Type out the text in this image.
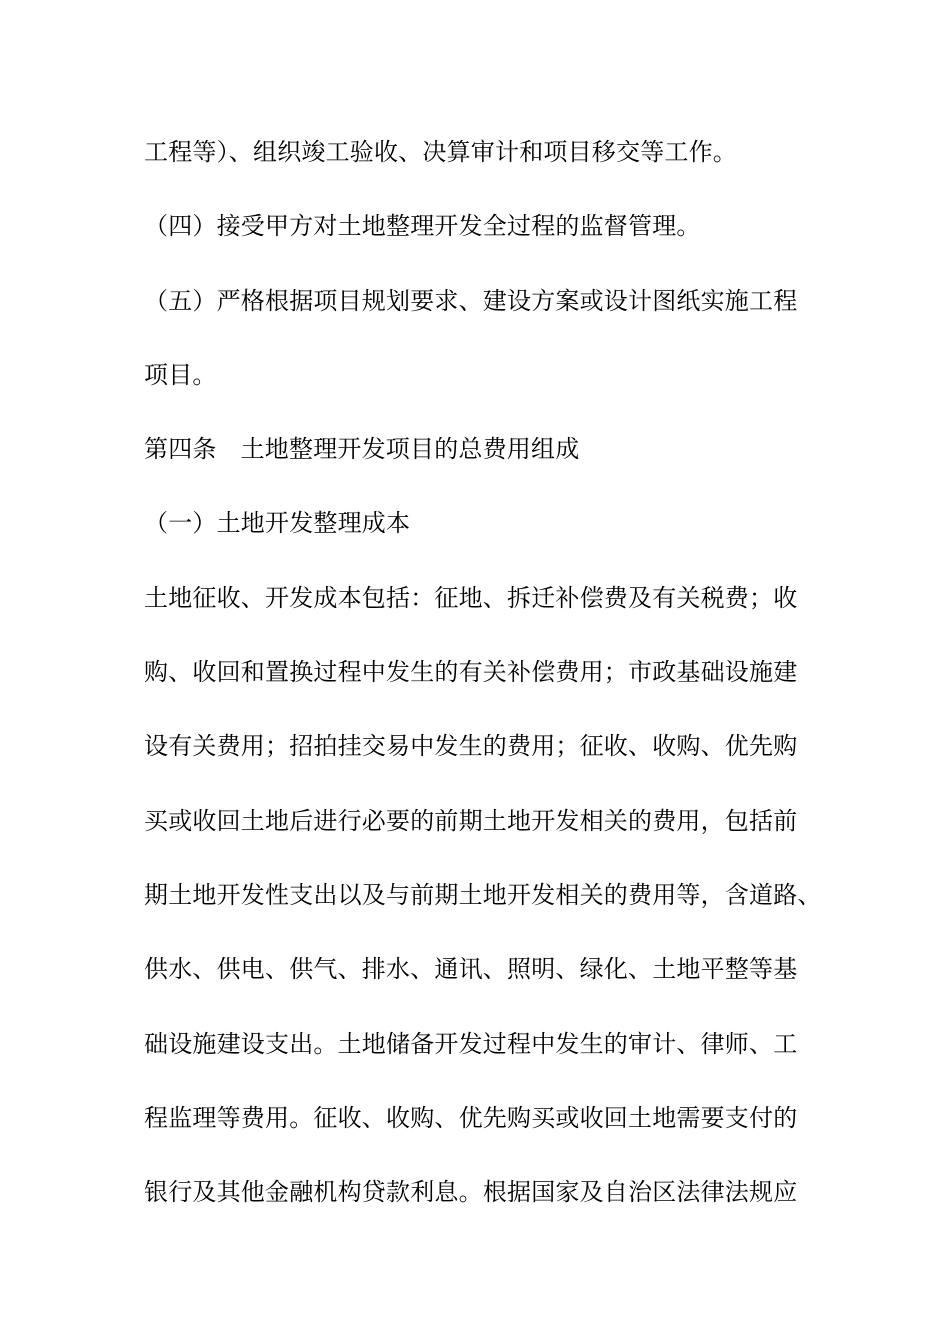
工程等）、组织竣工验收、决算审计和项目移交等工作。
（四）接受甲方对土地整理开发全过程的监督管理。
（五）严格根据项目规划要求、建设方案或设计图纸实施工程
项目。
第四条 土地整理开发项目的总费用组成
（一）土地开发整理成本
土地征收、开发成本包括：征地、拆迁补偿费及有关税费；收
购、收回和置换过程中发生的有关补偿费用；市政基础设施建
设有关费用；招拍挂交易中发生的费用；征收、收购、优先购
买或收回土地后进行必要的前期土地开发相关的费用，包括前
期土地开发性支出以及与前期土地开发相关的费用等，含道路、
供水、供电、供气、排水、通讯、照明、绿化、土地平整等基
础设施建设支出。土地储备开发过程中发生的审计、律师、工
程监理等费用。征收、收购、优先购买或收回土地需要支付的
银行及其他金融机构贷款利息。根据国家及自治区法律法规应
